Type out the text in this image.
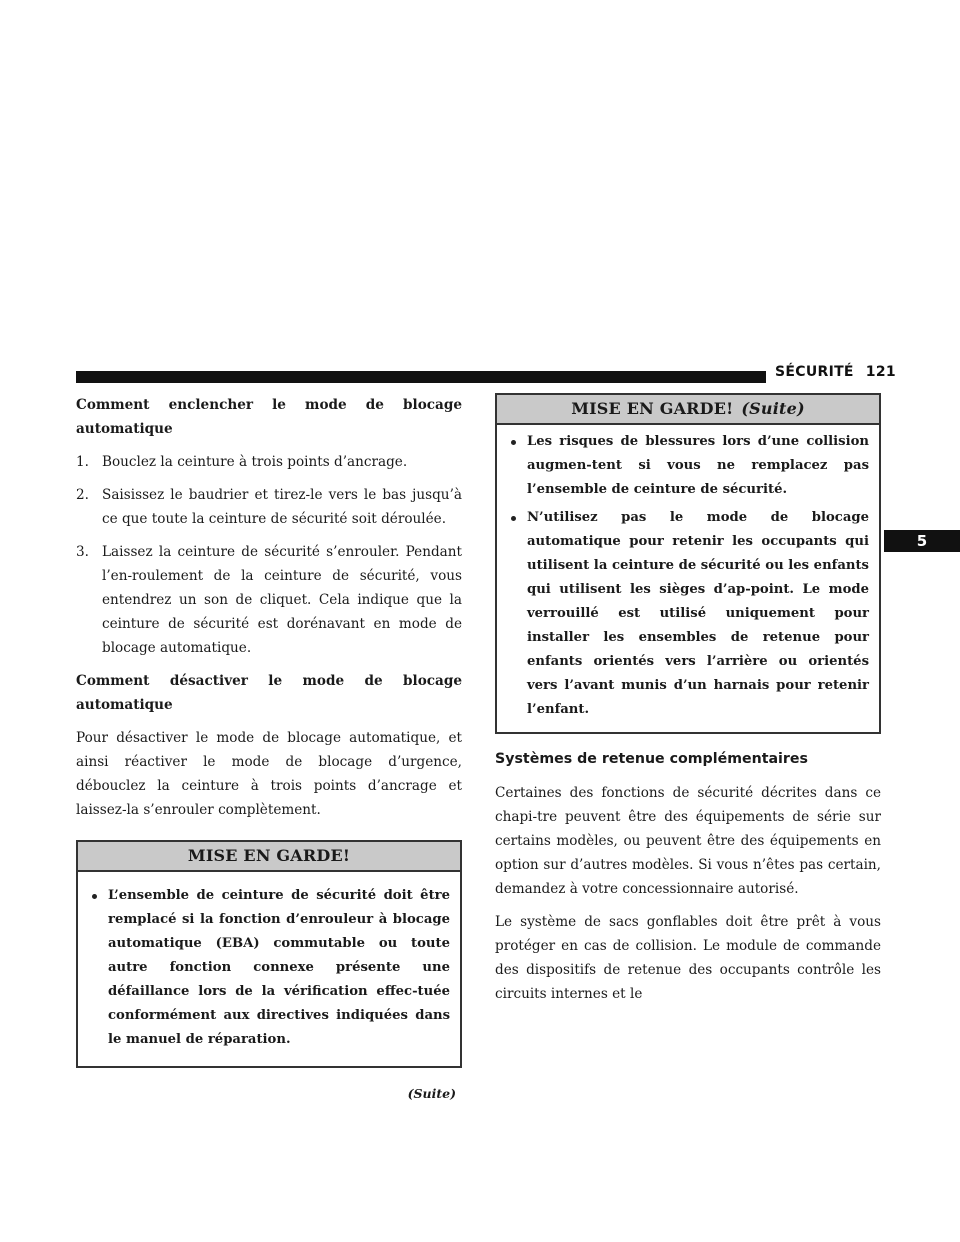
SÉCURITÉ 121
5

Comment enclencher le mode de blocage automatique

1. Bouclez la ceinture à trois points d’ancrage.
2. Saisissez le baudrier et tirez-le vers le bas jusqu’à ce que toute la ceinture de sécurité soit déroulée.
3. Laissez la ceinture de sécurité s’enrouler. Pendant l’en-roulement de la ceinture de sécurité, vous entendrez un son de cliquet. Cela indique que la ceinture de sécurité est dorénavant en mode de blocage automatique.

Comment désactiver le mode de blocage automatique

Pour désactiver le mode de blocage automatique, et ainsi réactiver le mode de blocage d’urgence, débouclez la ceinture à trois points d’ancrage et laissez-la s’enrouler complètement.

MISE EN GARDE!
L’ensemble de ceinture de sécurité doit être remplacé si la fonction d’enrouleur à blocage automatique (EBA) commutable ou toute autre fonction connexe présente une défaillance lors de la vérification effec-tuée conformément aux directives indiquées dans le manuel de réparation.
(Suite)
MISE EN GARDE! (Suite)
Les risques de blessures lors d’une collision augmen-tent si vous ne remplacez pas l’ensemble de ceinture de sécurité.
N’utilisez pas le mode de blocage automatique pour retenir les occupants qui utilisent la ceinture de sécurité ou les enfants qui utilisent les sièges d’ap-point. Le mode verrouillé est utilisé uniquement pour installer les ensembles de retenue pour enfants orientés vers l’arrière ou orientés vers l’avant munis d’un harnais pour retenir l’enfant.
Systèmes de retenue complémentaires

Certaines des fonctions de sécurité décrites dans ce chapi-tre peuvent être des équipements de série sur certains modèles, ou peuvent être des équipements en option sur d’autres modèles. Si vous n’êtes pas certain, demandez à votre concessionnaire autorisé.

Le système de sacs gonflables doit être prêt à vous protéger en cas de collision. Le module de commande des dispositifs de retenue des occupants contrôle les circuits internes et le
